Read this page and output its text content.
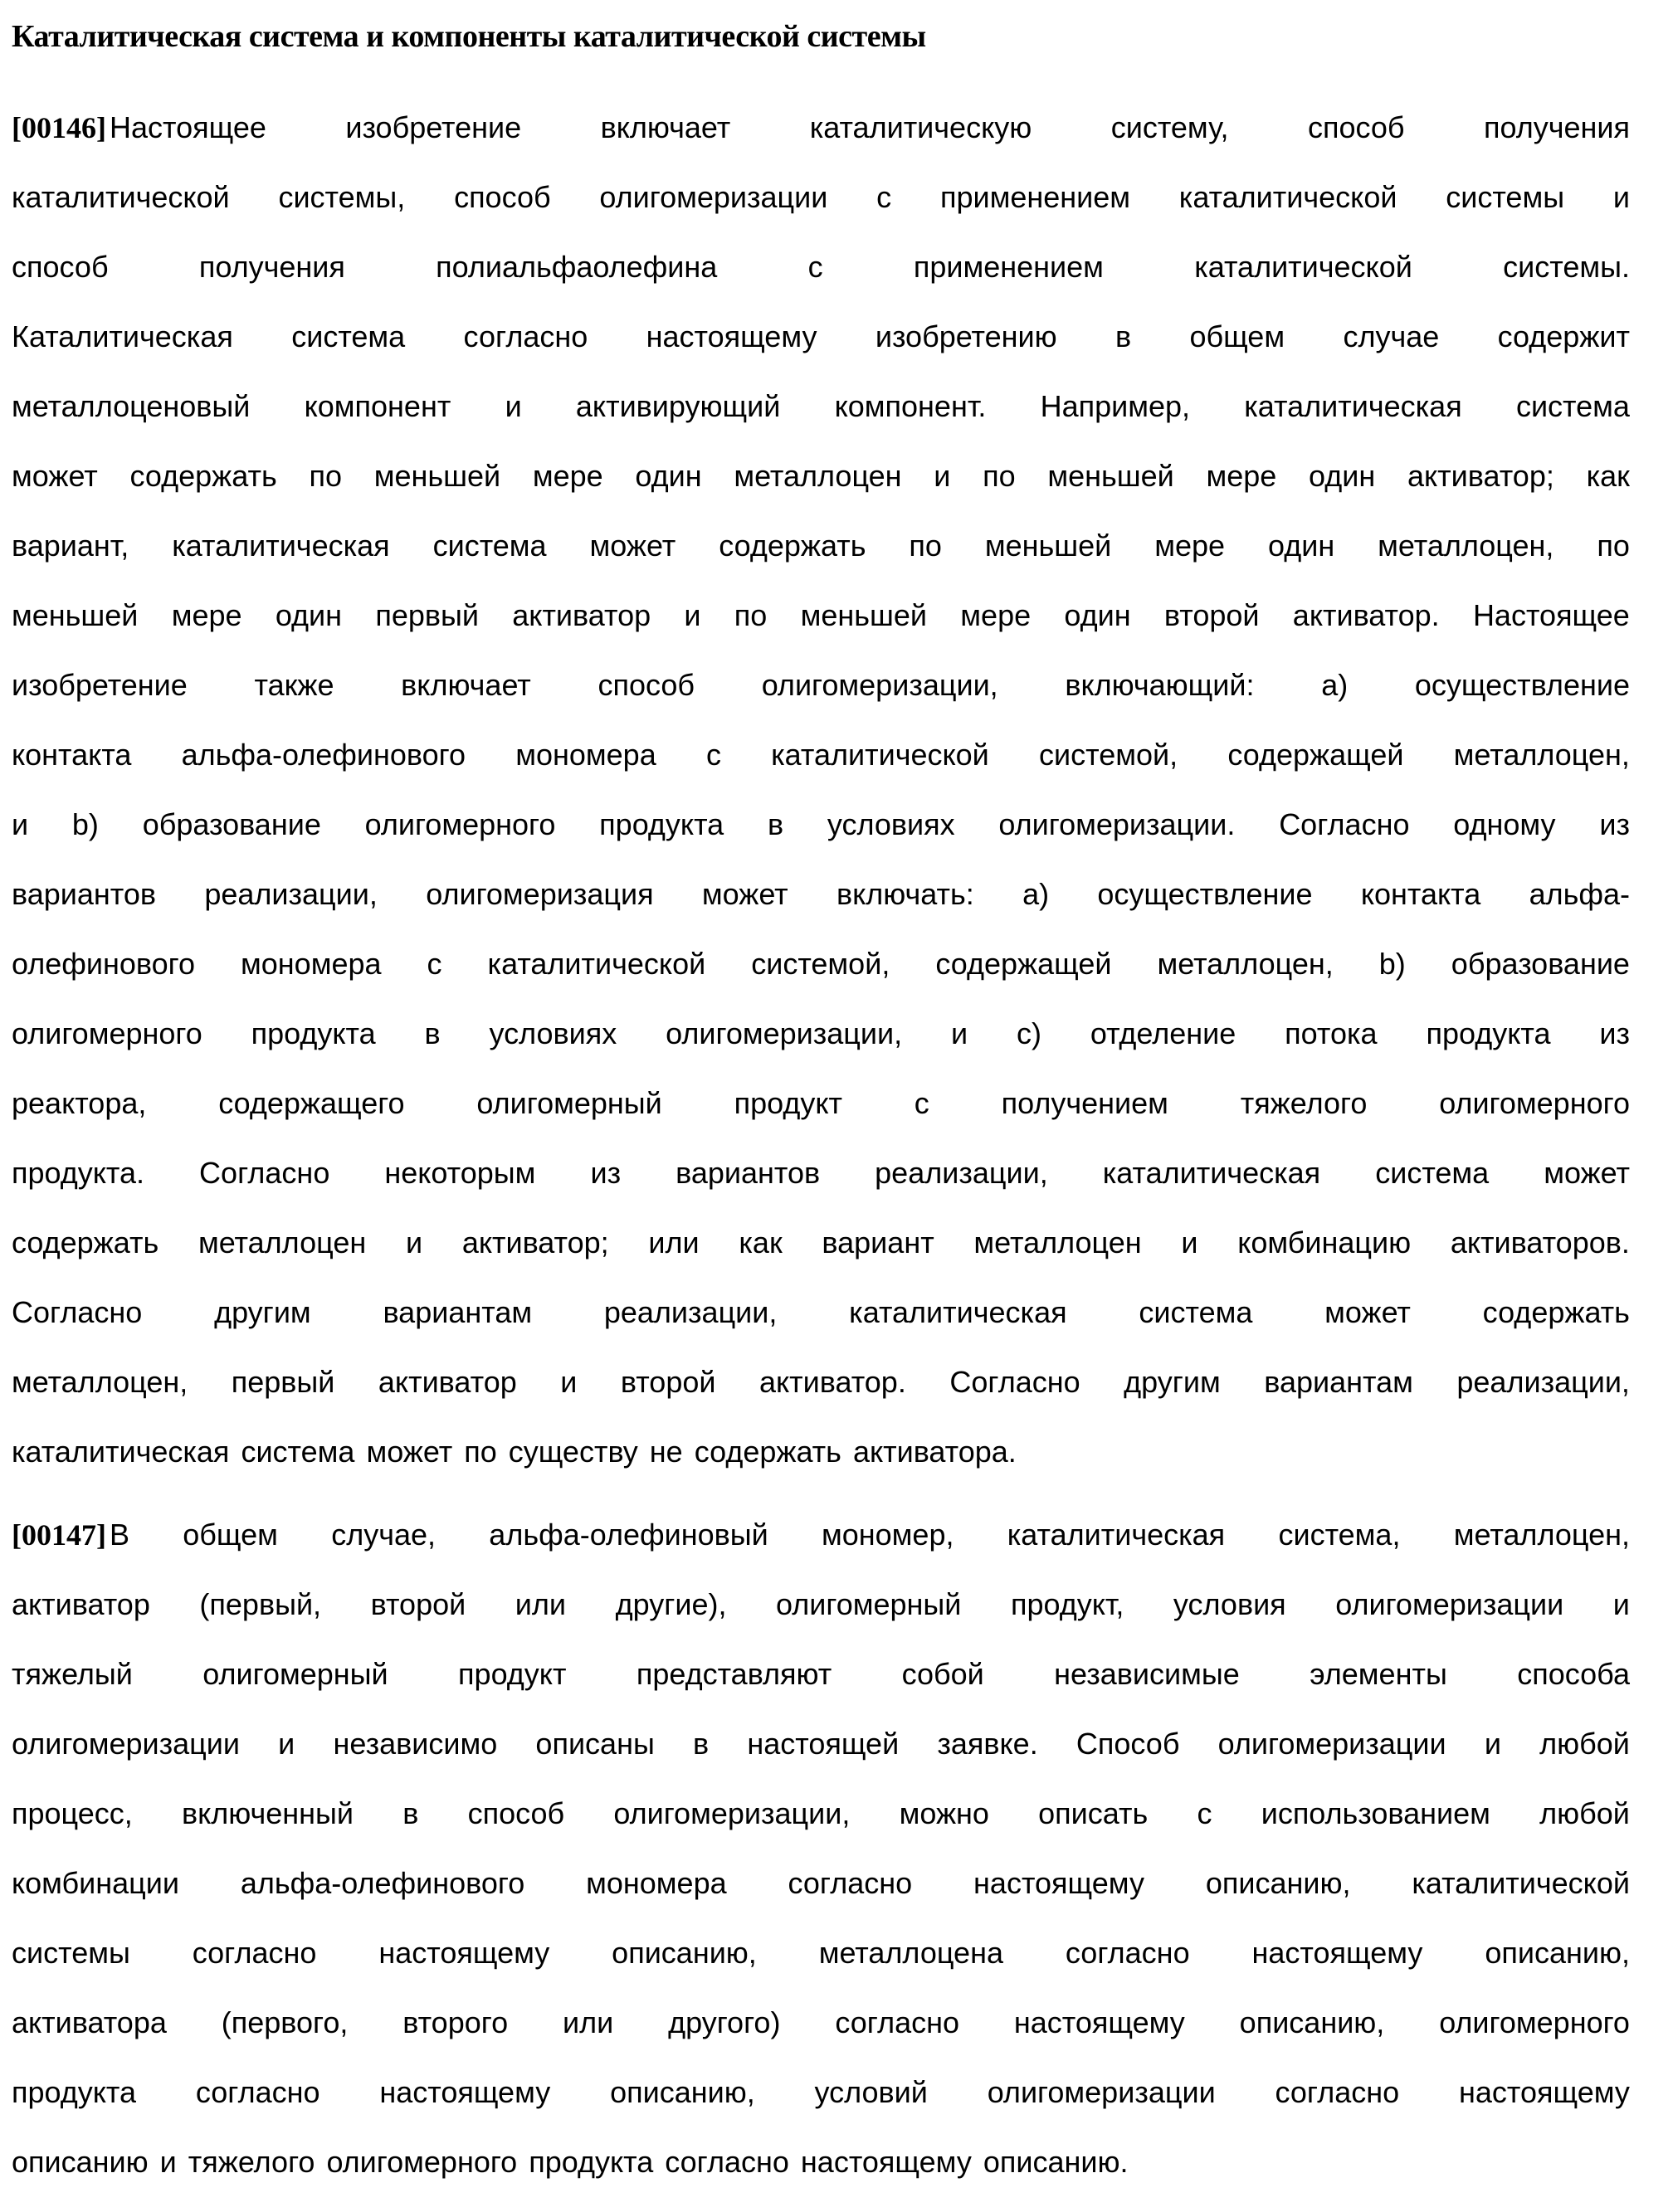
Каталитическая система и компоненты каталитической системы
[00146] Настоящее	изобретение	включает	каталитическую	систему,	способ	получения
каталитической системы, способ олигомеризации с применением каталитической системы и
способ	получения	полиальфаолефина	с	применением	каталитической	системы.
Каталитическая система согласно настоящему изобретению в общем случае содержит
металлоценовый компонент и активирующий компонент. Например, каталитическая система
может содержать по меньшей мере один металлоцен и по меньшей мере один активатор; как
вариант, каталитическая система может содержать по меньшей мере один металлоцен, по
меньшей мере один первый активатор и по меньшей мере один второй активатор. Настоящее
изобретение также включает способ олигомеризации, включающий: a) осуществление
контакта альфа-олефинового мономера с каталитической системой, содержащей металлоцен,
и b) образование олигомерного продукта в условиях олигомеризации. Согласно одному из
вариантов реализации, олигомеризация может включать: a) осуществление контакта альфа-
олефинового мономера с каталитической системой, содержащей металлоцен, b) образование
олигомерного продукта в условиях олигомеризации, и c) отделение потока продукта из
реактора, содержащего олигомерный продукт с получением тяжелого олигомерного
продукта. Согласно некоторым из вариантов реализации, каталитическая система может
содержать металлоцен и активатор; или как вариант металлоцен и комбинацию активаторов.
Согласно другим вариантам реализации, каталитическая система может содержать
металлоцен, первый активатор и второй активатор. Согласно другим вариантам реализации,
каталитическая система может по существу не содержать активатора.
[00147] В общем случае, альфа-олефиновый мономер, каталитическая система, металлоцен,
активатор (первый, второй или другие), олигомерный продукт, условия олигомеризации и
тяжелый олигомерный продукт представляют собой независимые элементы способа
олигомеризации и независимо описаны в настоящей заявке. Способ олигомеризации и любой
процесс, включенный в способ олигомеризации, можно описать с использованием любой
комбинации альфа-олефинового мономера согласно настоящему описанию, каталитической
системы согласно настоящему описанию, металлоцена согласно настоящему описанию,
активатора (первого, второго или другого) согласно настоящему описанию, олигомерного
продукта согласно настоящему описанию, условий олигомеризации согласно настоящему
описанию и тяжелого олигомерного продукта согласно настоящему описанию.
